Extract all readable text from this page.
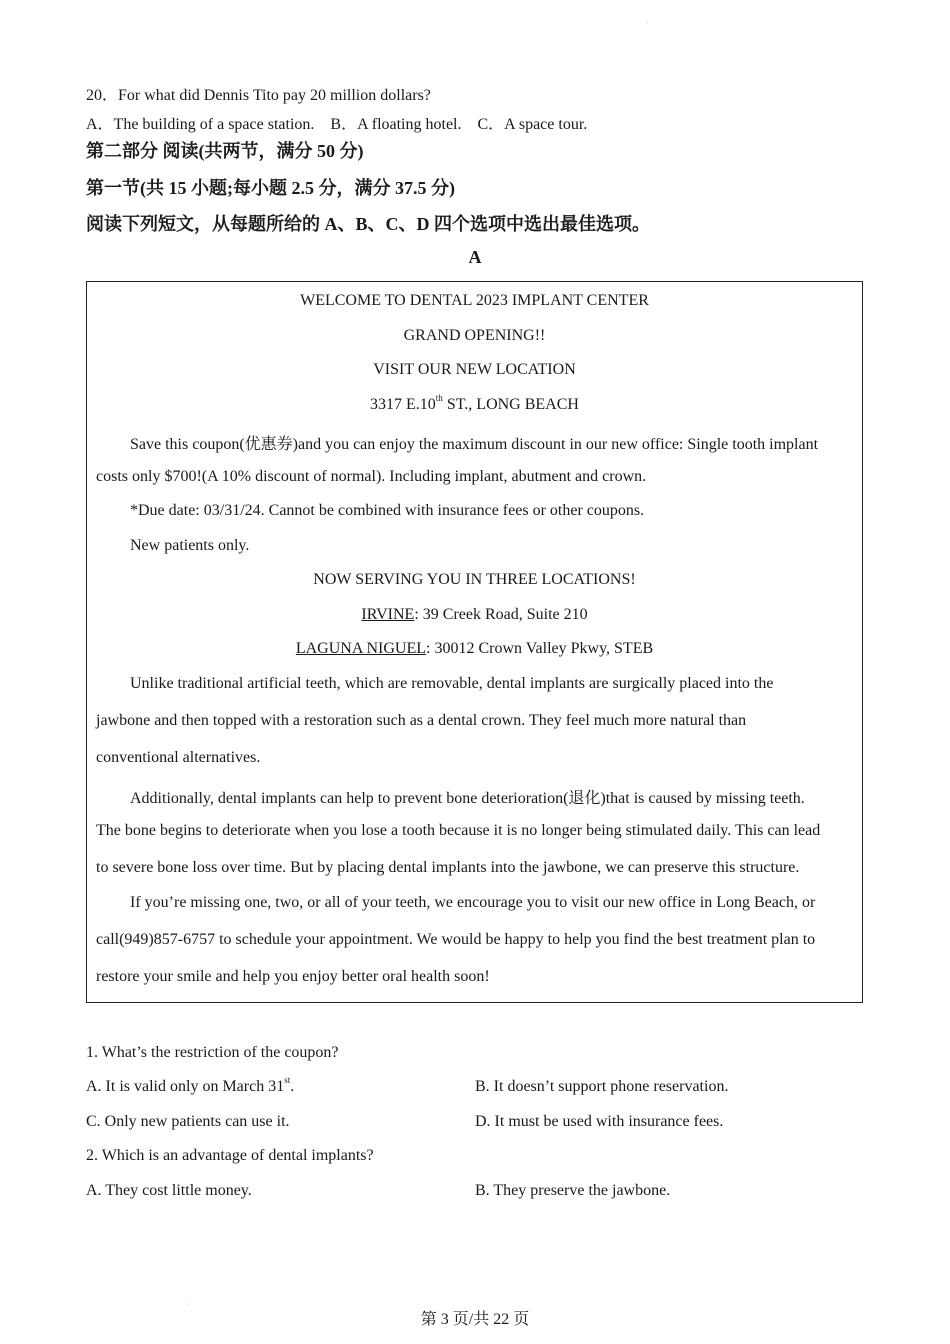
·
20．For what did Dennis Tito pay 20 million dollars?
A．The building of a space station.    B．A floating hotel.    C．A space tour.
第二部分 阅读(共两节，满分 50 分)
第一节(共 15 小题;每小题 2.5 分，满分 37.5 分)
阅读下列短文，从每题所给的 A、B、C、D 四个选项中选出最佳选项。
A
WELCOME TO DENTAL 2023 IMPLANT CENTER
GRAND OPENING!!
VISIT OUR NEW LOCATION
3317 E.10th ST., LONG BEACH
Save this coupon(优惠券)and you can enjoy the maximum discount in our new office: Single tooth implant
costs only $700!(A 10% discount of normal). Including implant, abutment and crown.
*Due date: 03/31/24. Cannot be combined with insurance fees or other coupons.
New patients only.
NOW SERVING YOU IN THREE LOCATIONS!
IRVINE: 39 Creek Road, Suite 210
LAGUNA NIGUEL: 30012 Crown Valley Pkwy, STEB
Unlike traditional artificial teeth, which are removable, dental implants are surgically placed into the
jawbone and then topped with a restoration such as a dental crown. They feel much more natural than
conventional alternatives.
Additionally, dental implants can help to prevent bone deterioration(退化)that is caused by missing teeth.
The bone begins to deteriorate when you lose a tooth because it is no longer being stimulated daily. This can lead
to severe bone loss over time. But by placing dental implants into the jawbone, we can preserve this structure.
If you’re missing one, two, or all of your teeth, we encourage you to visit our new office in Long Beach, or
call(949)857-6757 to schedule your appointment. We would be happy to help you find the best treatment plan to
restore your smile and help you enjoy better oral health soon!
1. What’s the restriction of the coupon?
A. It is valid only on March 31st.	B. It doesn’t support phone reservation.
C. Only new patients can use it.	D. It must be used with insurance fees.
2. Which is an advantage of dental implants?
A. They cost little money.	B. They preserve the jawbone.
·
第 3 页/共 22 页
